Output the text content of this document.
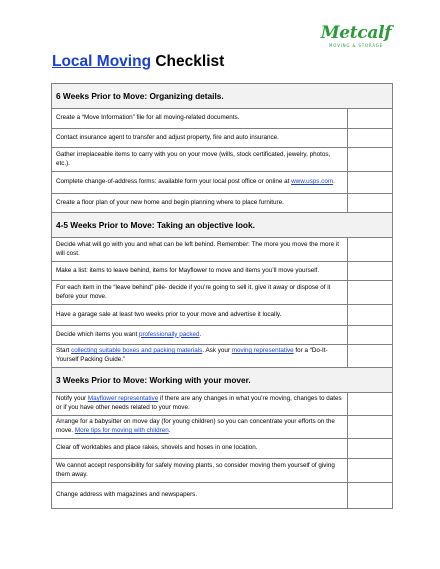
Metcalf
MOVING & STORAGE
Local Moving Checklist
6 Weeks Prior to Move: Organizing details.	
Create a “Move Information” file for all moving-related documents.	
Contact insurance agent to transfer and adjust property, fire and auto insurance.	
Gather irreplaceable items to carry with you on your move (wills, stock certificated, jewelry, photos, etc.).	
Complete change-of-address forms: available form your local post office or online at www.usps.com.	
Create a floor plan of your new home and begin planning where to place furniture.	
4-5 Weeks Prior to Move: Taking an objective look.	
Decide what will go with you and what can be left behind. Remember: The more you move the more it will cost.	
Make a list: items to leave behind, items for Mayflower to move and items you’ll move yourself.	
For each item in the “leave behind” pile- decide if you’re going to sell it, give it away or dispose of it before your move.	
Have a garage sale at least two weeks prior to your move and advertise it locally.	
Decide which items you want professionally packed.	
Start collecting suitable boxes and packing materials. Ask your moving representative for a “Do-It-Yourself Packing Guide.”	
3 Weeks Prior to Move: Working with your mover.	
Notify your Mayflower representative if there are any changes in what you’re moving, changes to dates or if you have other needs related to your move.	
Arrange for a babysitter on move day (for young children) so you can concentrate your efforts on the move. More tips for moving with children.	
Clear off worktables and place rakes, shovels and hoses in one location.	
We cannot accept responsibility for safely moving plants, so consider moving them yourself of giving them away.	
Change address with magazines and newspapers.	
